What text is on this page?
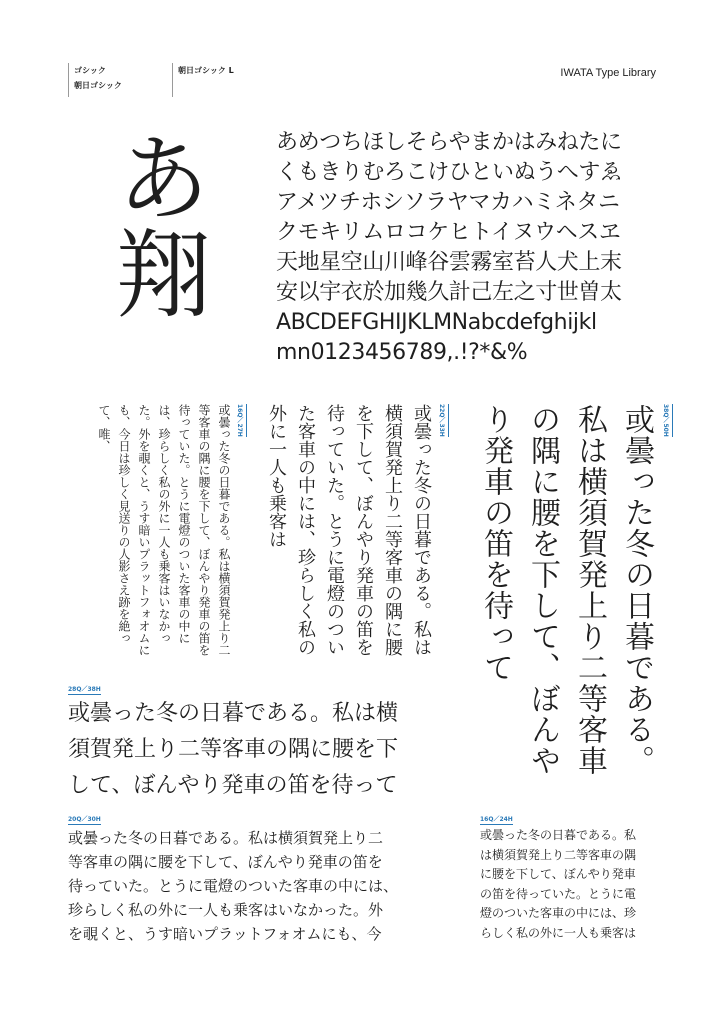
ゴシック
朝日ゴシック
朝日ゴシック L	IWATA Type Library
あ翔	あめつちほしそらやまかはみねたに
くもきりむろこけひといぬうへすゑ
アメツチホシソラヤマカハミネタニ
クモキリムロコケヒトイヌウヘスヱ
天地星空山川峰谷雲霧室苔人犬上末
安以宇衣於加幾久計己左之寸世曽太
ABCDEFGHIJKLMNabcdefghijkl
mn0123456789,.!?*&%
38Q／50H
或曇った冬の日暮である。私は横須賀発上り二等客車の隅に腰を下して、ぼんやり発車の笛を待って
22Q／33H
或曇った冬の日暮である。私は横須賀発上り二等客車の隅に腰を下して、ぼんやり発車の笛を待っていた。とうに電燈のついた客車の中には、珍らしく私の外に一人も乗客は
16Q／27H
或曇った冬の日暮である。私は横須賀発上り二等客車の隅に腰を下して、ぼんやり発車の笛を待っていた。とうに電燈のついた客車の中には、珍らしく私の外に一人も乗客はいなかった。外を覗くと、うす暗いプラットフォオムにも、今日は珍しく見送りの人影さえ跡を絶って、唯、
28Q／38H
或曇った冬の日暮である。私は横
須賀発上り二等客車の隅に腰を下
して、ぼんやり発車の笛を待って
20Q／30H
或曇った冬の日暮である。私は横須賀発上り二
等客車の隅に腰を下して、ぼんやり発車の笛を
待っていた。とうに電燈のついた客車の中には、
珍らしく私の外に一人も乗客はいなかった。外
を覗くと、うす暗いプラットフォオムにも、今
16Q／24H
或曇った冬の日暮である。私
は横須賀発上り二等客車の隅
に腰を下して、ぼんやり発車
の笛を待っていた。とうに電
燈のついた客車の中には、珍
らしく私の外に一人も乗客は
